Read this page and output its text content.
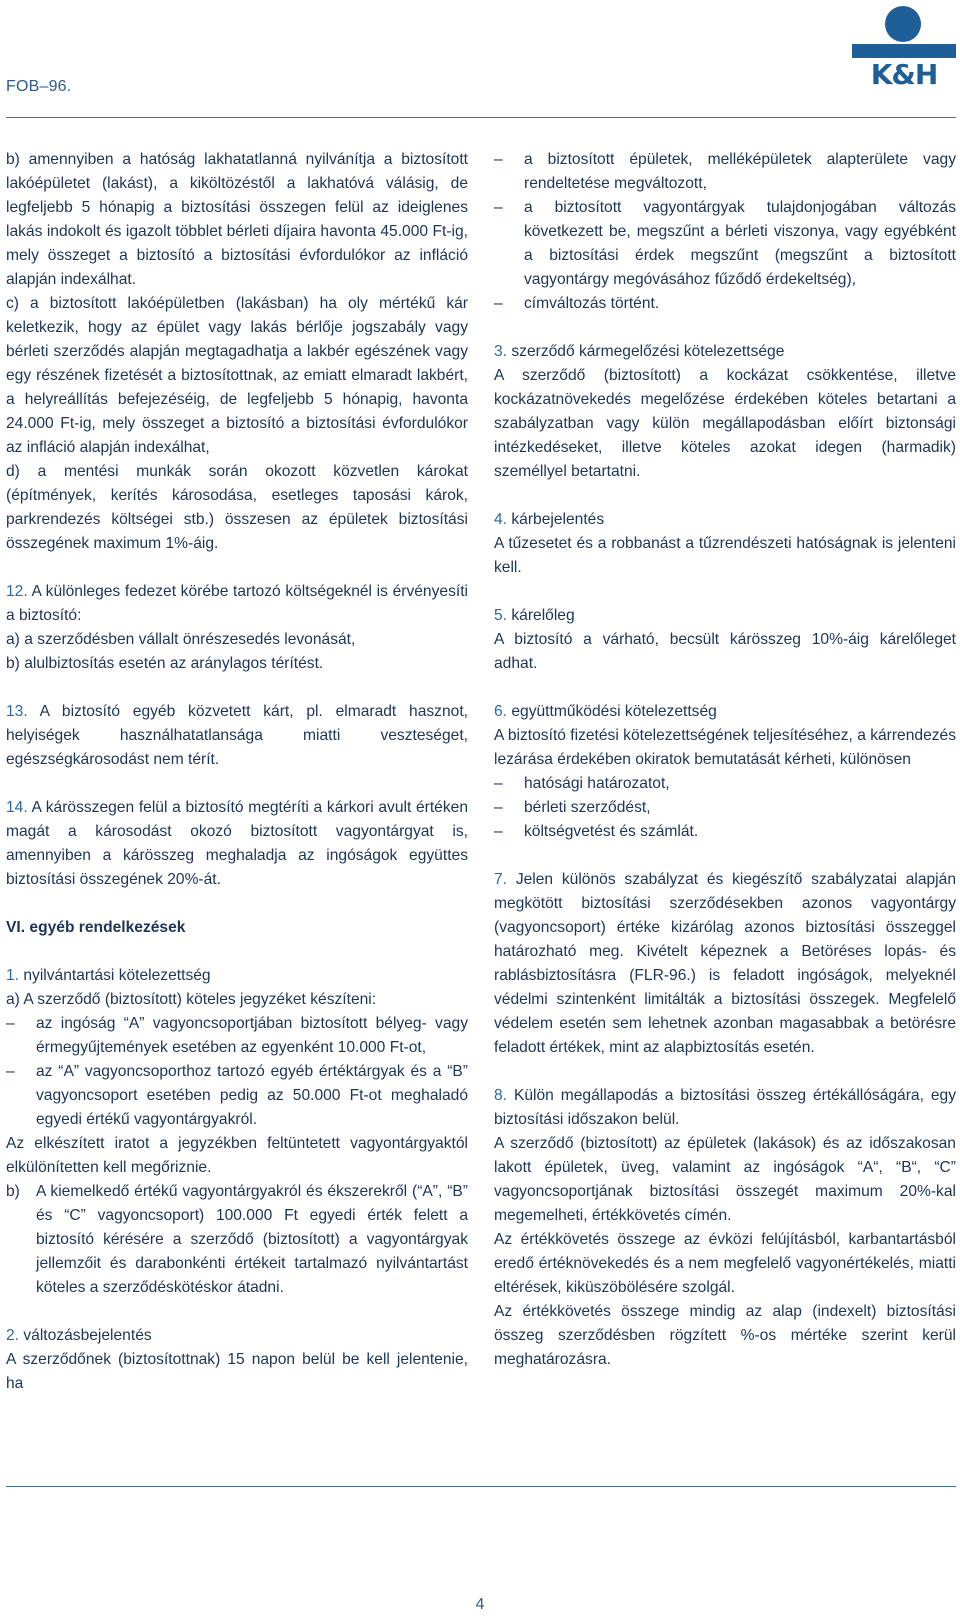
FOB–96.	K&H

b) amennyiben a hatóság lakhatatlanná nyilvánítja a biztosított lakóépületet (lakást), a kiköltözéstől a lakhatóvá válásig, de legfeljebb 5 hónapig a biztosítási összegen felül az ideiglenes lakás indokolt és igazolt többlet bérleti díjaira havonta 45.000 Ft-ig, mely összeget a biztosító a biztosítási évfordulókor az infláció alapján indexálhat.

c) a biztosított lakóépületben (lakásban) ha oly mértékű kár keletkezik, hogy az épület vagy lakás bérlője jogszabály vagy bérleti szerződés alapján megtagadhatja a lakbér egészének vagy egy részének fizetését a biztosítottnak, az emiatt elmaradt lakbért, a helyreállítás befejezéséig, de legfeljebb 5 hónapig, havonta 24.000 Ft-ig, mely összeget a biztosító a biztosítási évfordulókor az infláció alapján indexálhat,

d) a mentési munkák során okozott közvetlen károkat (építmények, kerítés károsodása, esetleges taposási károk, parkrendezés költségei stb.) összesen az épületek biztosítási összegének maximum 1%-áig.

12. A különleges fedezet körébe tartozó költségeknél is érvényesíti a biztosító:

a) a szerződésben vállalt önrészesedés levonását,

b) alulbiztosítás esetén az aránylagos térítést.

13. A biztosító egyéb közvetett kárt, pl. elmaradt hasznot, helyiségek használhatatlansága miatti veszteséget, egészségkárosodást nem térít.

14. A kárösszegen felül a biztosító megtéríti a kárkori avult értéken magát a károsodást okozó biztosított vagyontárgyat is, amennyiben a kárösszeg meghaladja az ingóságok együttes biztosítási összegének 20%-át.

VI. egyéb rendelkezések

1. nyilvántartási kötelezettség

a) A szerződő (biztosított) köteles jegyzéket készíteni:

– az ingóság “A” vagyoncsoportjában biztosított bélyeg- vagy érmegyűjtemények esetében az egyenként 10.000 Ft-ot,

– az “A” vagyoncsoporthoz tartozó egyéb értéktárgyak és a “B” vagyoncsoport esetében pedig az 50.000 Ft-ot meghaladó egyedi értékű vagyontárgyakról.

Az elkészített iratot a jegyzékben feltüntetett vagyontárgyaktól elkülönítetten kell megőriznie.

b) A kiemelkedő értékű vagyontárgyakról és ékszerekről (“A”, “B” és “C” vagyoncsoport) 100.000 Ft egyedi érték felett a biztosító kérésére a szerződő (biztosított) a vagyontárgyak jellemzőit és darabonkénti értékeit tartalmazó nyilvántartást köteles a szerződéskötéskor átadni.

2. változásbejelentés

A szerződőnek (biztosítottnak) 15 napon belül be kell jelentenie, ha

– a biztosított épületek, melléképületek alapterülete vagy rendeltetése megváltozott,

– a biztosított vagyontárgyak tulajdonjogában változás következett be, megszűnt a bérleti viszonya, vagy egyébként a biztosítási érdek megszűnt (megszűnt a biztosított vagyontárgy megóvásához fűződő érdekeltség),

– címváltozás történt.

3. szerződő kármegelőzési kötelezettsége

A szerződő (biztosított) a kockázat csökkentése, illetve kockázatnövekedés megelőzése érdekében köteles betartani a szabályzatban vagy külön megállapodásban előírt biztonsági intézkedéseket, illetve köteles azokat idegen (harmadik) személlyel betartatni.

4. kárbejelentés

A tűzesetet és a robbanást a tűzrendészeti hatóságnak is jelenteni kell.

5. kárelőleg

A biztosító a várható, becsült kárösszeg 10%-áig kárelőleget adhat.

6. együttműködési kötelezettség

A biztosító fizetési kötelezettségének teljesítéséhez, a kárrendezés lezárása érdekében okiratok bemutatását kérheti, különösen

– hatósági határozatot,

– bérleti szerződést,

– költségvetést és számlát.

7. Jelen különös szabályzat és kiegészítő szabályzatai alapján megkötött biztosítási szerződésekben azonos vagyontárgy (vagyoncsoport) értéke kizárólag azonos biztosítási összeggel határozható meg. Kivételt képeznek a Betöréses lopás- és rablásbiztosításra (FLR-96.) is feladott ingóságok, melyeknél védelmi szintenként limitálták a biztosítási összegek. Megfelelő védelem esetén sem lehetnek azonban magasabbak a betörésre feladott értékek, mint az alapbiztosítás esetén.

8. Külön megállapodás a biztosítási összeg értékállóságára, egy biztosítási időszakon belül.

A szerződő (biztosított) az épületek (lakások) és az időszakosan lakott épületek, üveg, valamint az ingóságok “A“, “B“, “C” vagyoncsoportjának biztosítási összegét maximum 20%-kal megemelheti, értékkövetés címén.

Az értékkövetés összege az évközi felújításból, karbantartásból eredő értéknövekedés és a nem megfelelő vagyonértékelés, miatti eltérések, kiküszöbölésére szolgál.

Az értékkövetés összege mindig az alap (indexelt) biztosítási összeg szerződésben rögzített %-os mértéke szerint kerül meghatározásra.

4
